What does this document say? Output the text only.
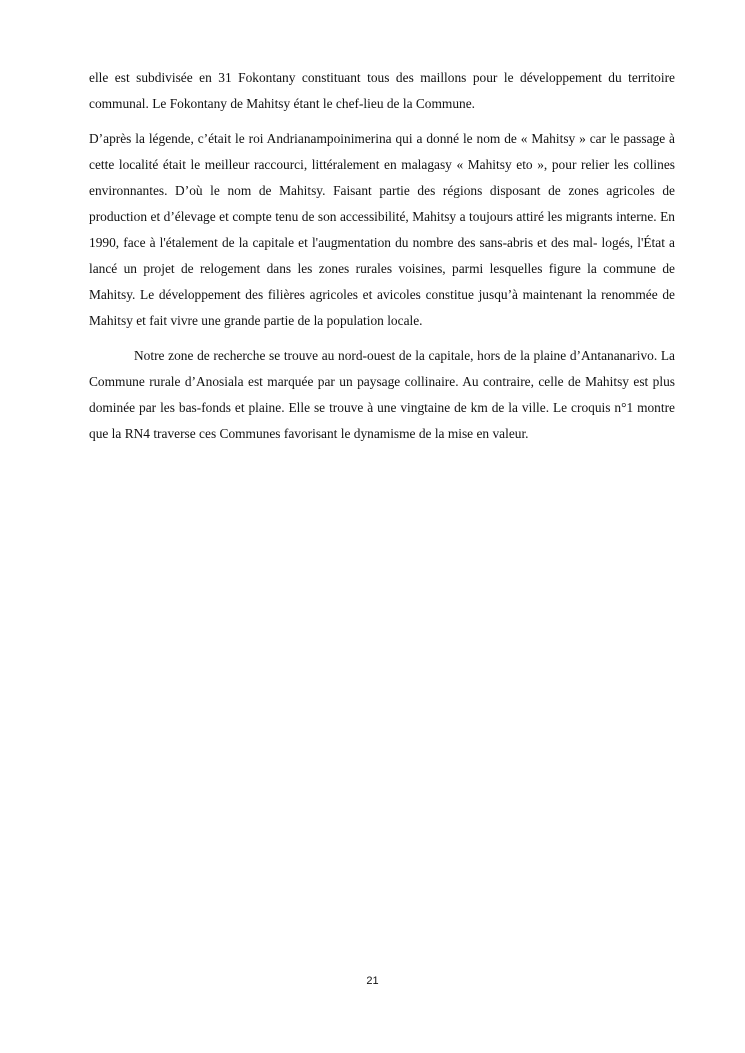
elle est subdivisée en 31 Fokontany constituant tous des maillons pour le développement du territoire communal. Le Fokontany de Mahitsy étant le chef-lieu de la Commune.

D’après la légende, c’était le roi Andrianampoinimerina qui a donné le nom de « Mahitsy » car le passage à cette localité était le meilleur raccourci, littéralement en malagasy « Mahitsy eto », pour relier les collines environnantes. D’où le nom de Mahitsy. Faisant partie des régions disposant de zones agricoles de production et d’élevage et compte tenu de son accessibilité, Mahitsy a toujours attiré les migrants interne. En 1990, face à l'étalement de la capitale et l'augmentation du nombre des sans-abris et des mal- logés, l'État a lancé un projet de relogement dans les zones rurales voisines, parmi lesquelles figure la commune de Mahitsy. Le développement des filières agricoles et avicoles constitue jusqu’à maintenant la renommée de Mahitsy et fait vivre une grande partie de la population locale.

Notre zone de recherche se trouve au nord-ouest de la capitale, hors de la plaine d’Antananarivo. La Commune rurale d’Anosiala est marquée par un paysage collinaire. Au contraire, celle de Mahitsy est plus dominée par les bas-fonds et plaine. Elle se trouve à une vingtaine de km de la ville. Le croquis n°1 montre que la RN4 traverse ces Communes favorisant le dynamisme de la mise en valeur.

21
